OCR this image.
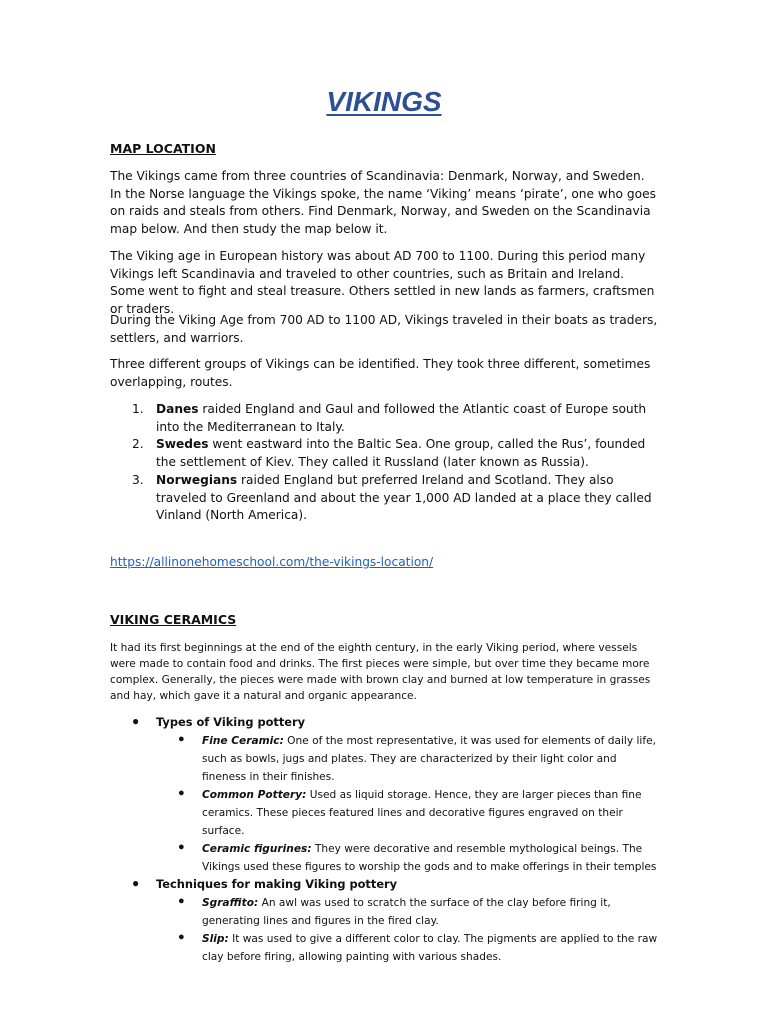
VIKINGS

MAP LOCATION

The Vikings came from three countries of Scandinavia: Denmark, Norway, and Sweden. In the Norse language the Vikings spoke, the name ‘Viking’ means ‘pirate’, one who goes on raids and steals from others. Find Denmark, Norway, and Sweden on the Scandinavia map below. And then study the map below it.

The Viking age in European history was about AD 700 to 1100. During this period many Vikings left Scandinavia and traveled to other countries, such as Britain and Ireland. Some went to fight and steal treasure. Others settled in new lands as farmers, craftsmen or traders.

During the Viking Age from 700 AD to 1100 AD, Vikings traveled in their boats as traders, settlers, and warriors.

Three different groups of Vikings can be identified. They took three different, sometimes overlapping, routes.

1. Danes raided England and Gaul and followed the Atlantic coast of Europe south into the Mediterranean to Italy.
2. Swedes went eastward into the Baltic Sea. One group, called the Rus’, founded the settlement of Kiev. They called it Russland (later known as Russia).
3. Norwegians raided England but preferred Ireland and Scotland. They also traveled to Greenland and about the year 1,000 AD landed at a place they called Vinland (North America).
https://allinonehomeschool.com/the-vikings-location/

VIKING CERAMICS

It had its first beginnings at the end of the eighth century, in the early Viking period, where vessels were made to contain food and drinks. The first pieces were simple, but over time they became more complex. Generally, the pieces were made with brown clay and burned at low temperature in grasses and hay, which gave it a natural and organic appearance.

● Types of Viking pottery
● Fine Ceramic: One of the most representative, it was used for elements of daily life, such as bowls, jugs and plates. They are characterized by their light color and fineness in their finishes.
● Common Pottery: Used as liquid storage. Hence, they are larger pieces than fine ceramics. These pieces featured lines and decorative figures engraved on their surface.
● Ceramic figurines: They were decorative and resemble mythological beings. The Vikings used these figures to worship the gods and to make offerings in their temples
● Techniques for making Viking pottery
● Sgraffito: An awl was used to scratch the surface of the clay before firing it, generating lines and figures in the fired clay.
● Slip: It was used to give a different color to clay. The pigments are applied to the raw clay before firing, allowing painting with various shades.
